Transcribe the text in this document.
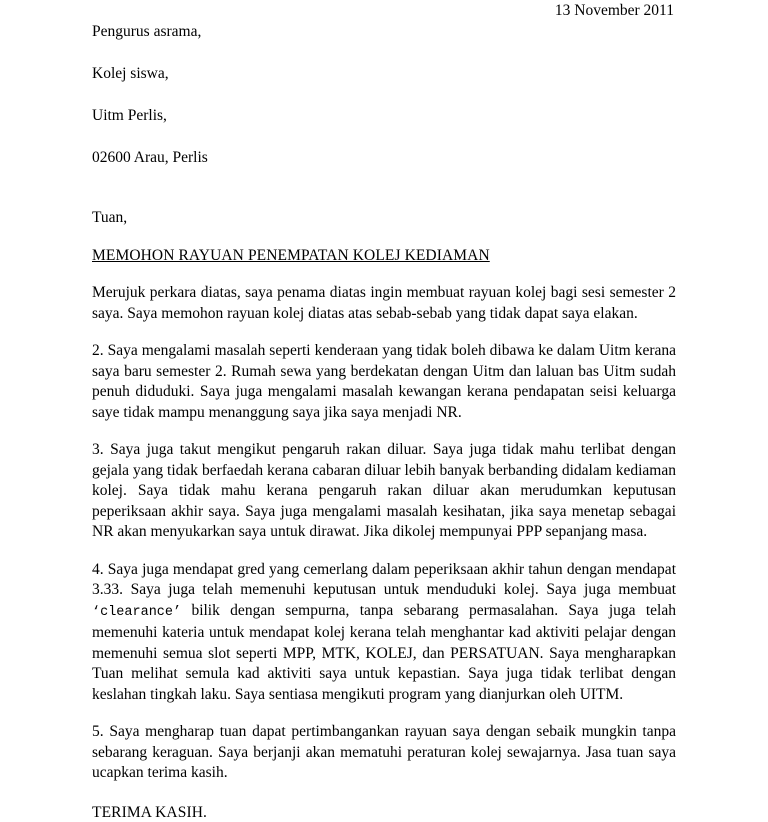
Pengurus asrama,

Kolej siswa,

Uitm Perlis,

02600 Arau, Perlis

13 November 2011
Tuan,
MEMOHON RAYUAN PENEMPATAN KOLEJ KEDIAMAN

Merujuk perkara diatas, saya penama diatas ingin membuat rayuan kolej bagi sesi semester 2 saya. Saya memohon rayuan kolej diatas atas sebab-sebab yang tidak dapat saya elakan.

2. Saya mengalami masalah seperti kenderaan yang tidak boleh dibawa ke dalam Uitm kerana saya baru semester 2. Rumah sewa yang berdekatan dengan Uitm dan laluan bas Uitm sudah penuh diduduki. Saya juga mengalami masalah kewangan kerana pendapatan seisi keluarga saye tidak mampu menanggung saya jika saya menjadi NR.

3. Saya juga takut mengikut pengaruh rakan diluar. Saya juga tidak mahu terlibat dengan gejala yang tidak berfaedah kerana cabaran diluar lebih banyak berbanding didalam kediaman kolej. Saya tidak mahu kerana pengaruh rakan diluar akan merudumkan keputusan peperiksaan akhir saya. Saya juga mengalami masalah kesihatan, jika saya menetap sebagai NR akan menyukarkan saya untuk dirawat. Jika dikolej mempunyai PPP sepanjang masa.

4. Saya juga mendapat gred yang cemerlang dalam peperiksaan akhir tahun dengan mendapat 3.33. Saya juga telah memenuhi keputusan untuk menduduki kolej. Saya juga membuat ‘clearance’ bilik dengan sempurna, tanpa sebarang permasalahan. Saya juga telah memenuhi kateria untuk mendapat kolej kerana telah menghantar kad aktiviti pelajar dengan memenuhi semua slot seperti MPP, MTK, KOLEJ, dan PERSATUAN. Saya mengharapkan Tuan melihat semula kad aktiviti saya untuk kepastian. Saya juga tidak terlibat dengan keslahan tingkah laku. Saya sentiasa mengikuti program yang dianjurkan oleh UITM.

5. Saya mengharap tuan dapat pertimbangankan rayuan saya dengan sebaik mungkin tanpa sebarang keraguan. Saya berjanji akan mematuhi peraturan kolej sewajarnya. Jasa tuan saya ucapkan terima kasih.

TERIMA KASIH.
